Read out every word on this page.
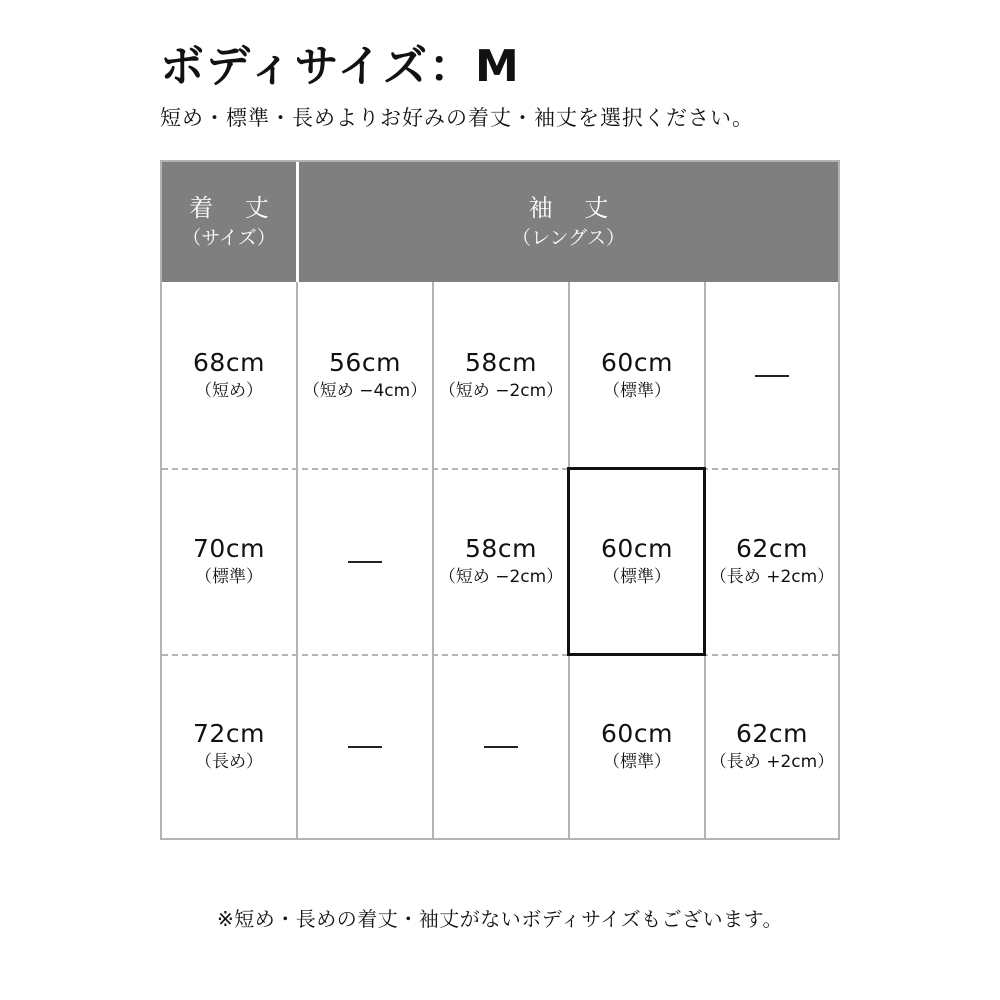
ボディサイズ：M
短め・標準・長めよりお好みの着丈・袖丈を選択ください。
着 丈
（サイズ）
袖 丈
（レングス）
68cm
（短め）
56cm
（短め −4cm）
58cm
（短め −2cm）
60cm
（標準）
70cm
（標準）
58cm
（短め −2cm）
60cm
（標準）
62cm
（長め +2cm）
72cm
（長め）
60cm
（標準）
62cm
（長め +2cm）
※短め・長めの着丈・袖丈がないボディサイズもございます。
